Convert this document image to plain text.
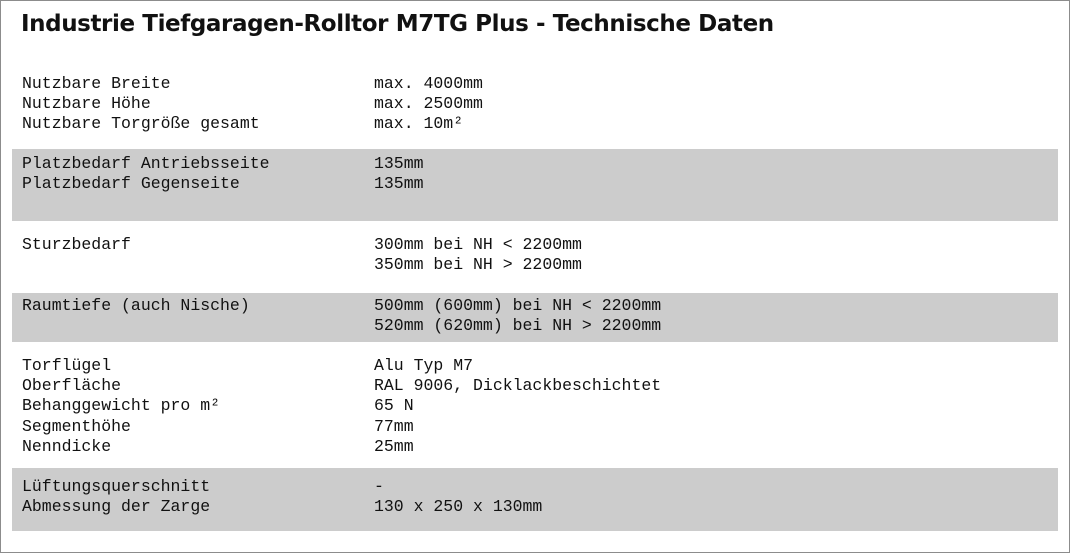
Industrie Tiefgaragen-Rolltor M7TG Plus - Technische Daten
Nutzbare Breite	max. 4000mm
Nutzbare Höhe	max. 2500mm
Nutzbare Torgröße gesamt	max. 10m²
Platzbedarf Antriebsseite	135mm
Platzbedarf Gegenseite	135mm
Sturzbedarf	300mm bei NH < 2200mm
350mm bei NH > 2200mm
Raumtiefe (auch Nische)	500mm (600mm) bei NH < 2200mm
520mm (620mm) bei NH > 2200mm
Torflügel	Alu Typ M7
Oberfläche	RAL 9006, Dicklackbeschichtet
Behanggewicht pro m²	65 N
Segmenthöhe	77mm
Nenndicke	25mm
Lüftungsquerschnitt	-
Abmessung der Zarge	130 x 250 x 130mm
